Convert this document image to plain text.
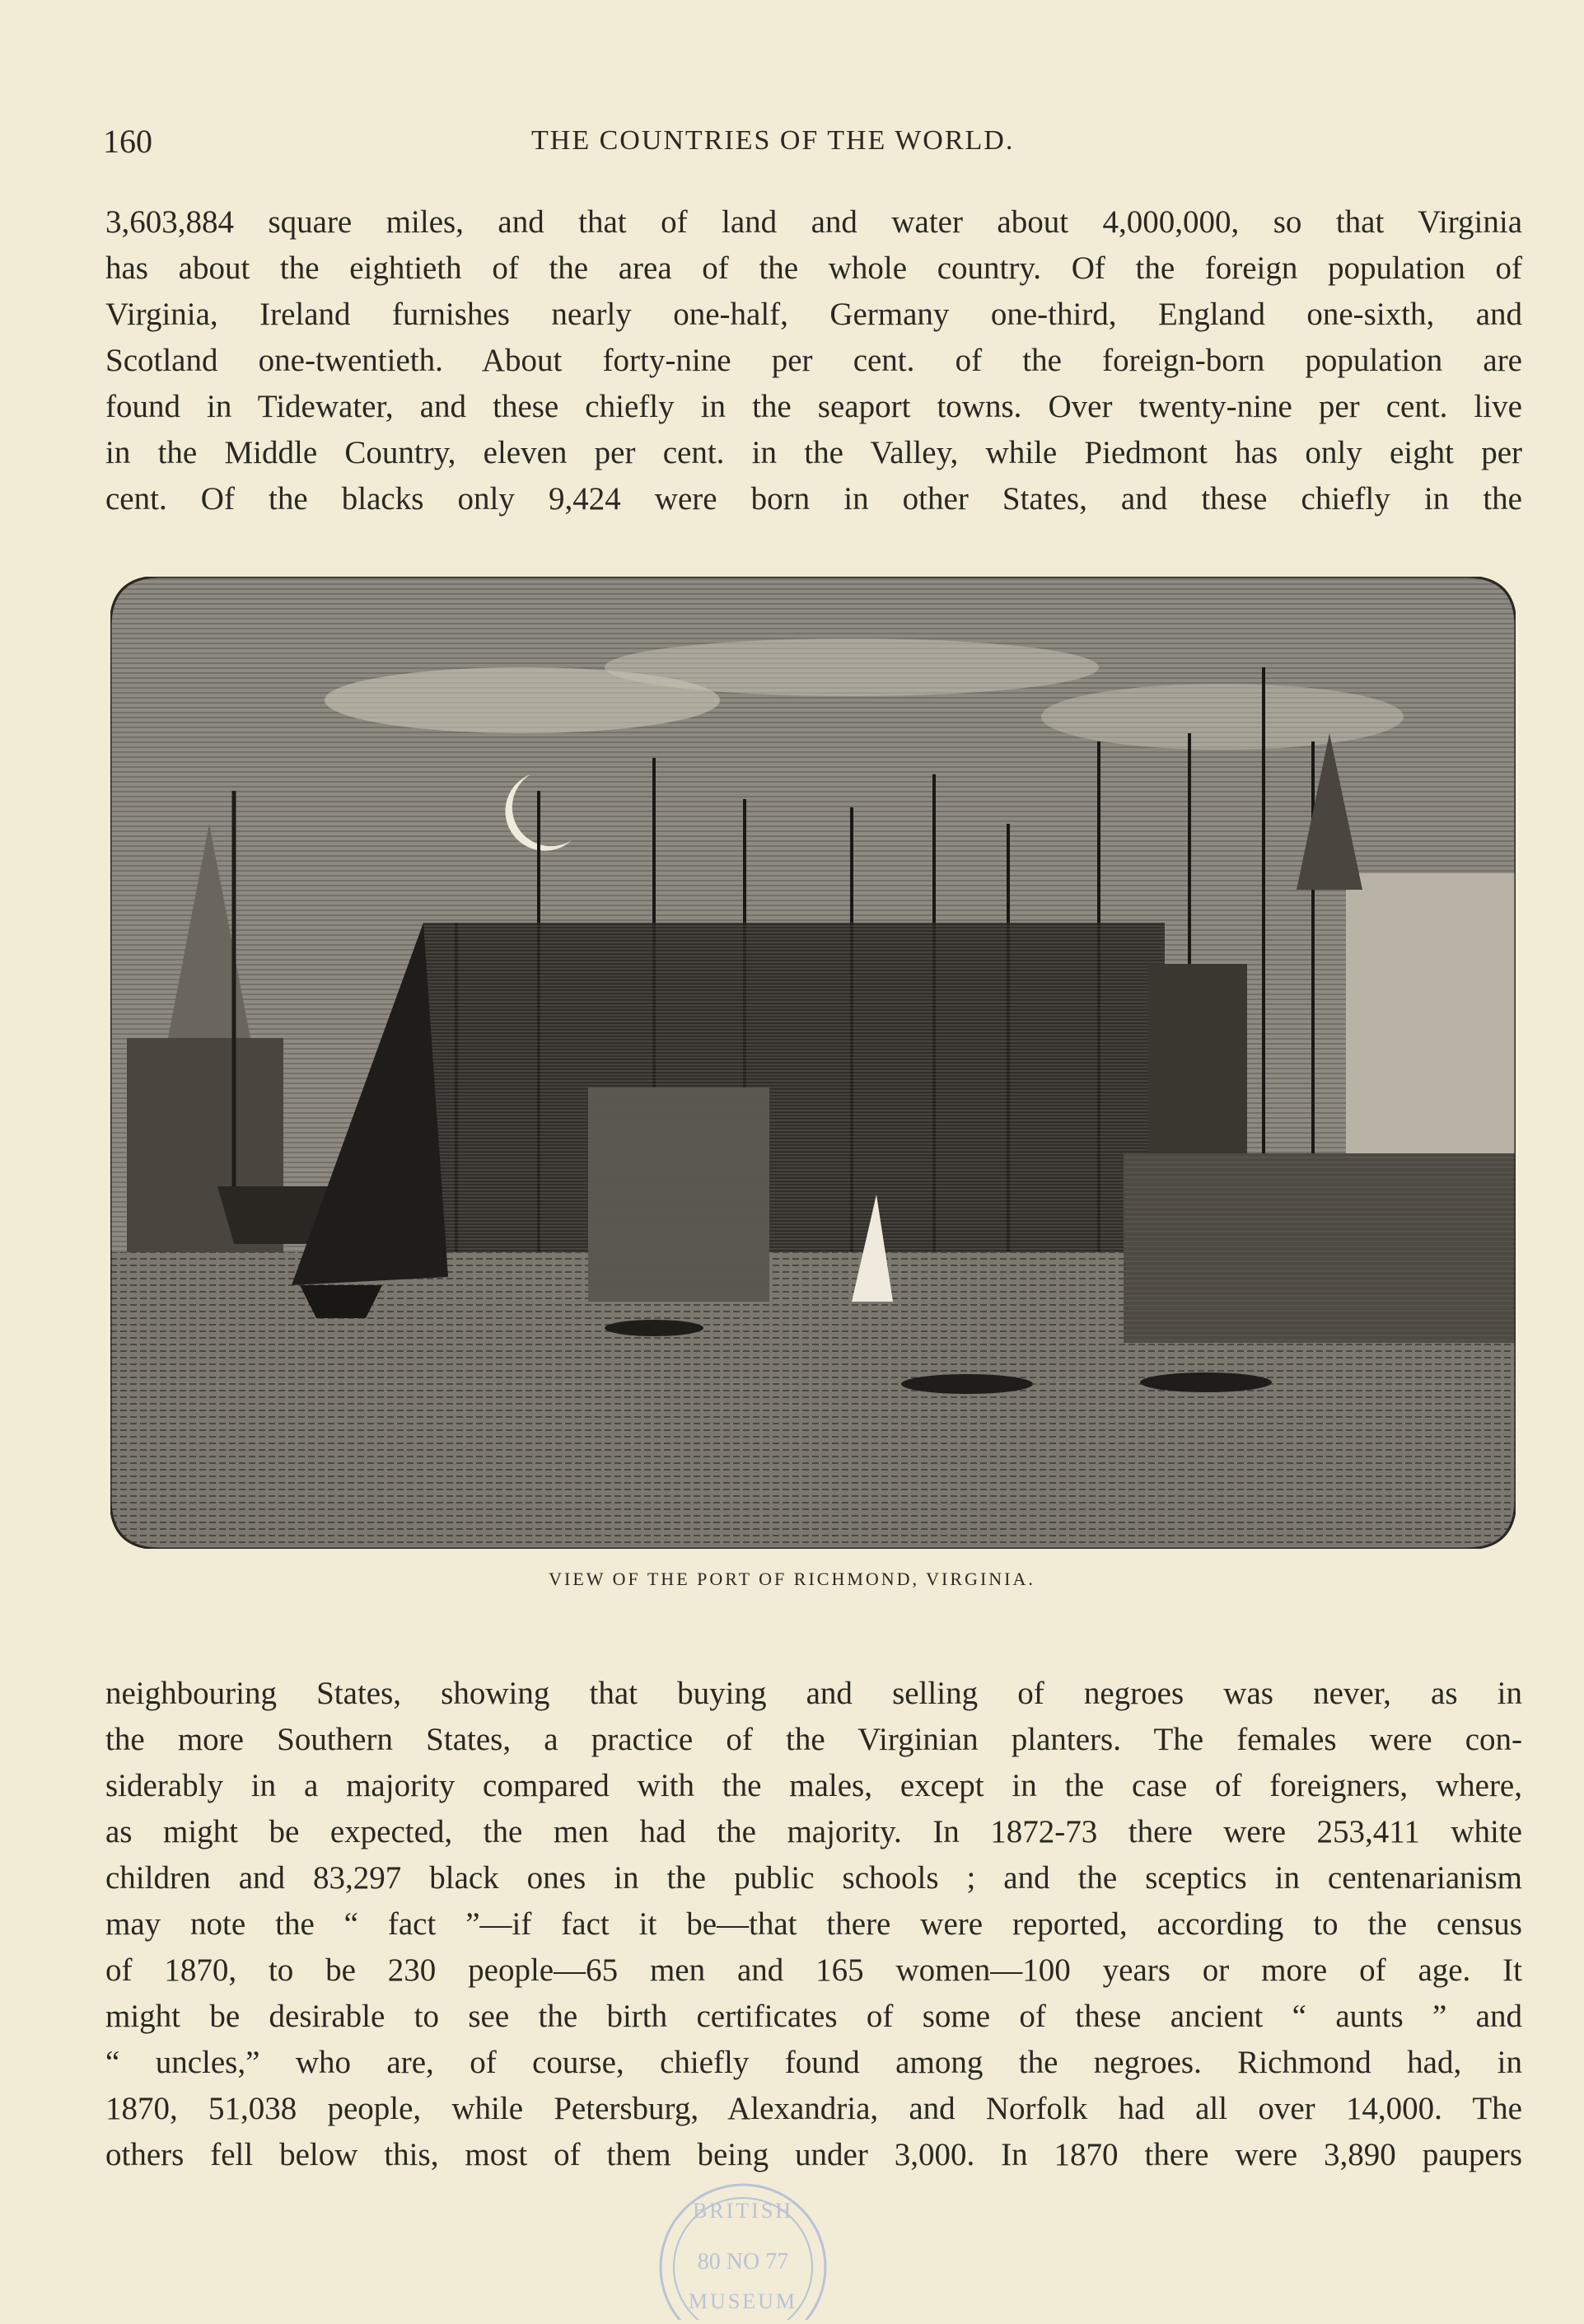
160	THE COUNTRIES OF THE WORLD.
3,603,884 square miles, and that of land and water about 4,000,000, so that Virginia
has about the eightieth of the area of the whole country. Of the foreign population of
Virginia, Ireland furnishes nearly one-half, Germany one-third, England one-sixth, and
Scotland one-twentieth. About forty-nine per cent. of the foreign-born population are
found in Tidewater, and these chiefly in the seaport towns. Over twenty-nine per cent. live
in the Middle Country, eleven per cent. in the Valley, while Piedmont has only eight per
cent. Of the blacks only 9,424 were born in other States, and these chiefly in the
VIEW OF THE PORT OF RICHMOND, VIRGINIA.
neighbouring States, showing that buying and selling of negroes was never, as in
the more Southern States, a practice of the Virginian planters. The females were con-
siderably in a majority compared with the males, except in the case of foreigners, where,
as might be expected, the men had the majority. In 1872-73 there were 253,411 white
children and 83,297 black ones in the public schools ; and the sceptics in centenarianism
may note the “ fact ”—if fact it be—that there were reported, according to the census
of 1870, to be 230 people—65 men and 165 women—100 years or more of age. It
might be desirable to see the birth certificates of some of these ancient “ aunts ” and
“ uncles,” who are, of course, chiefly found among the negroes. Richmond had, in
1870, 51,038 people, while Petersburg, Alexandria, and Norfolk had all over 14,000. The
others fell below this, most of them being under 3,000. In 1870 there were 3,890 paupers
BRITISH
80 NO 77
MUSEUM
